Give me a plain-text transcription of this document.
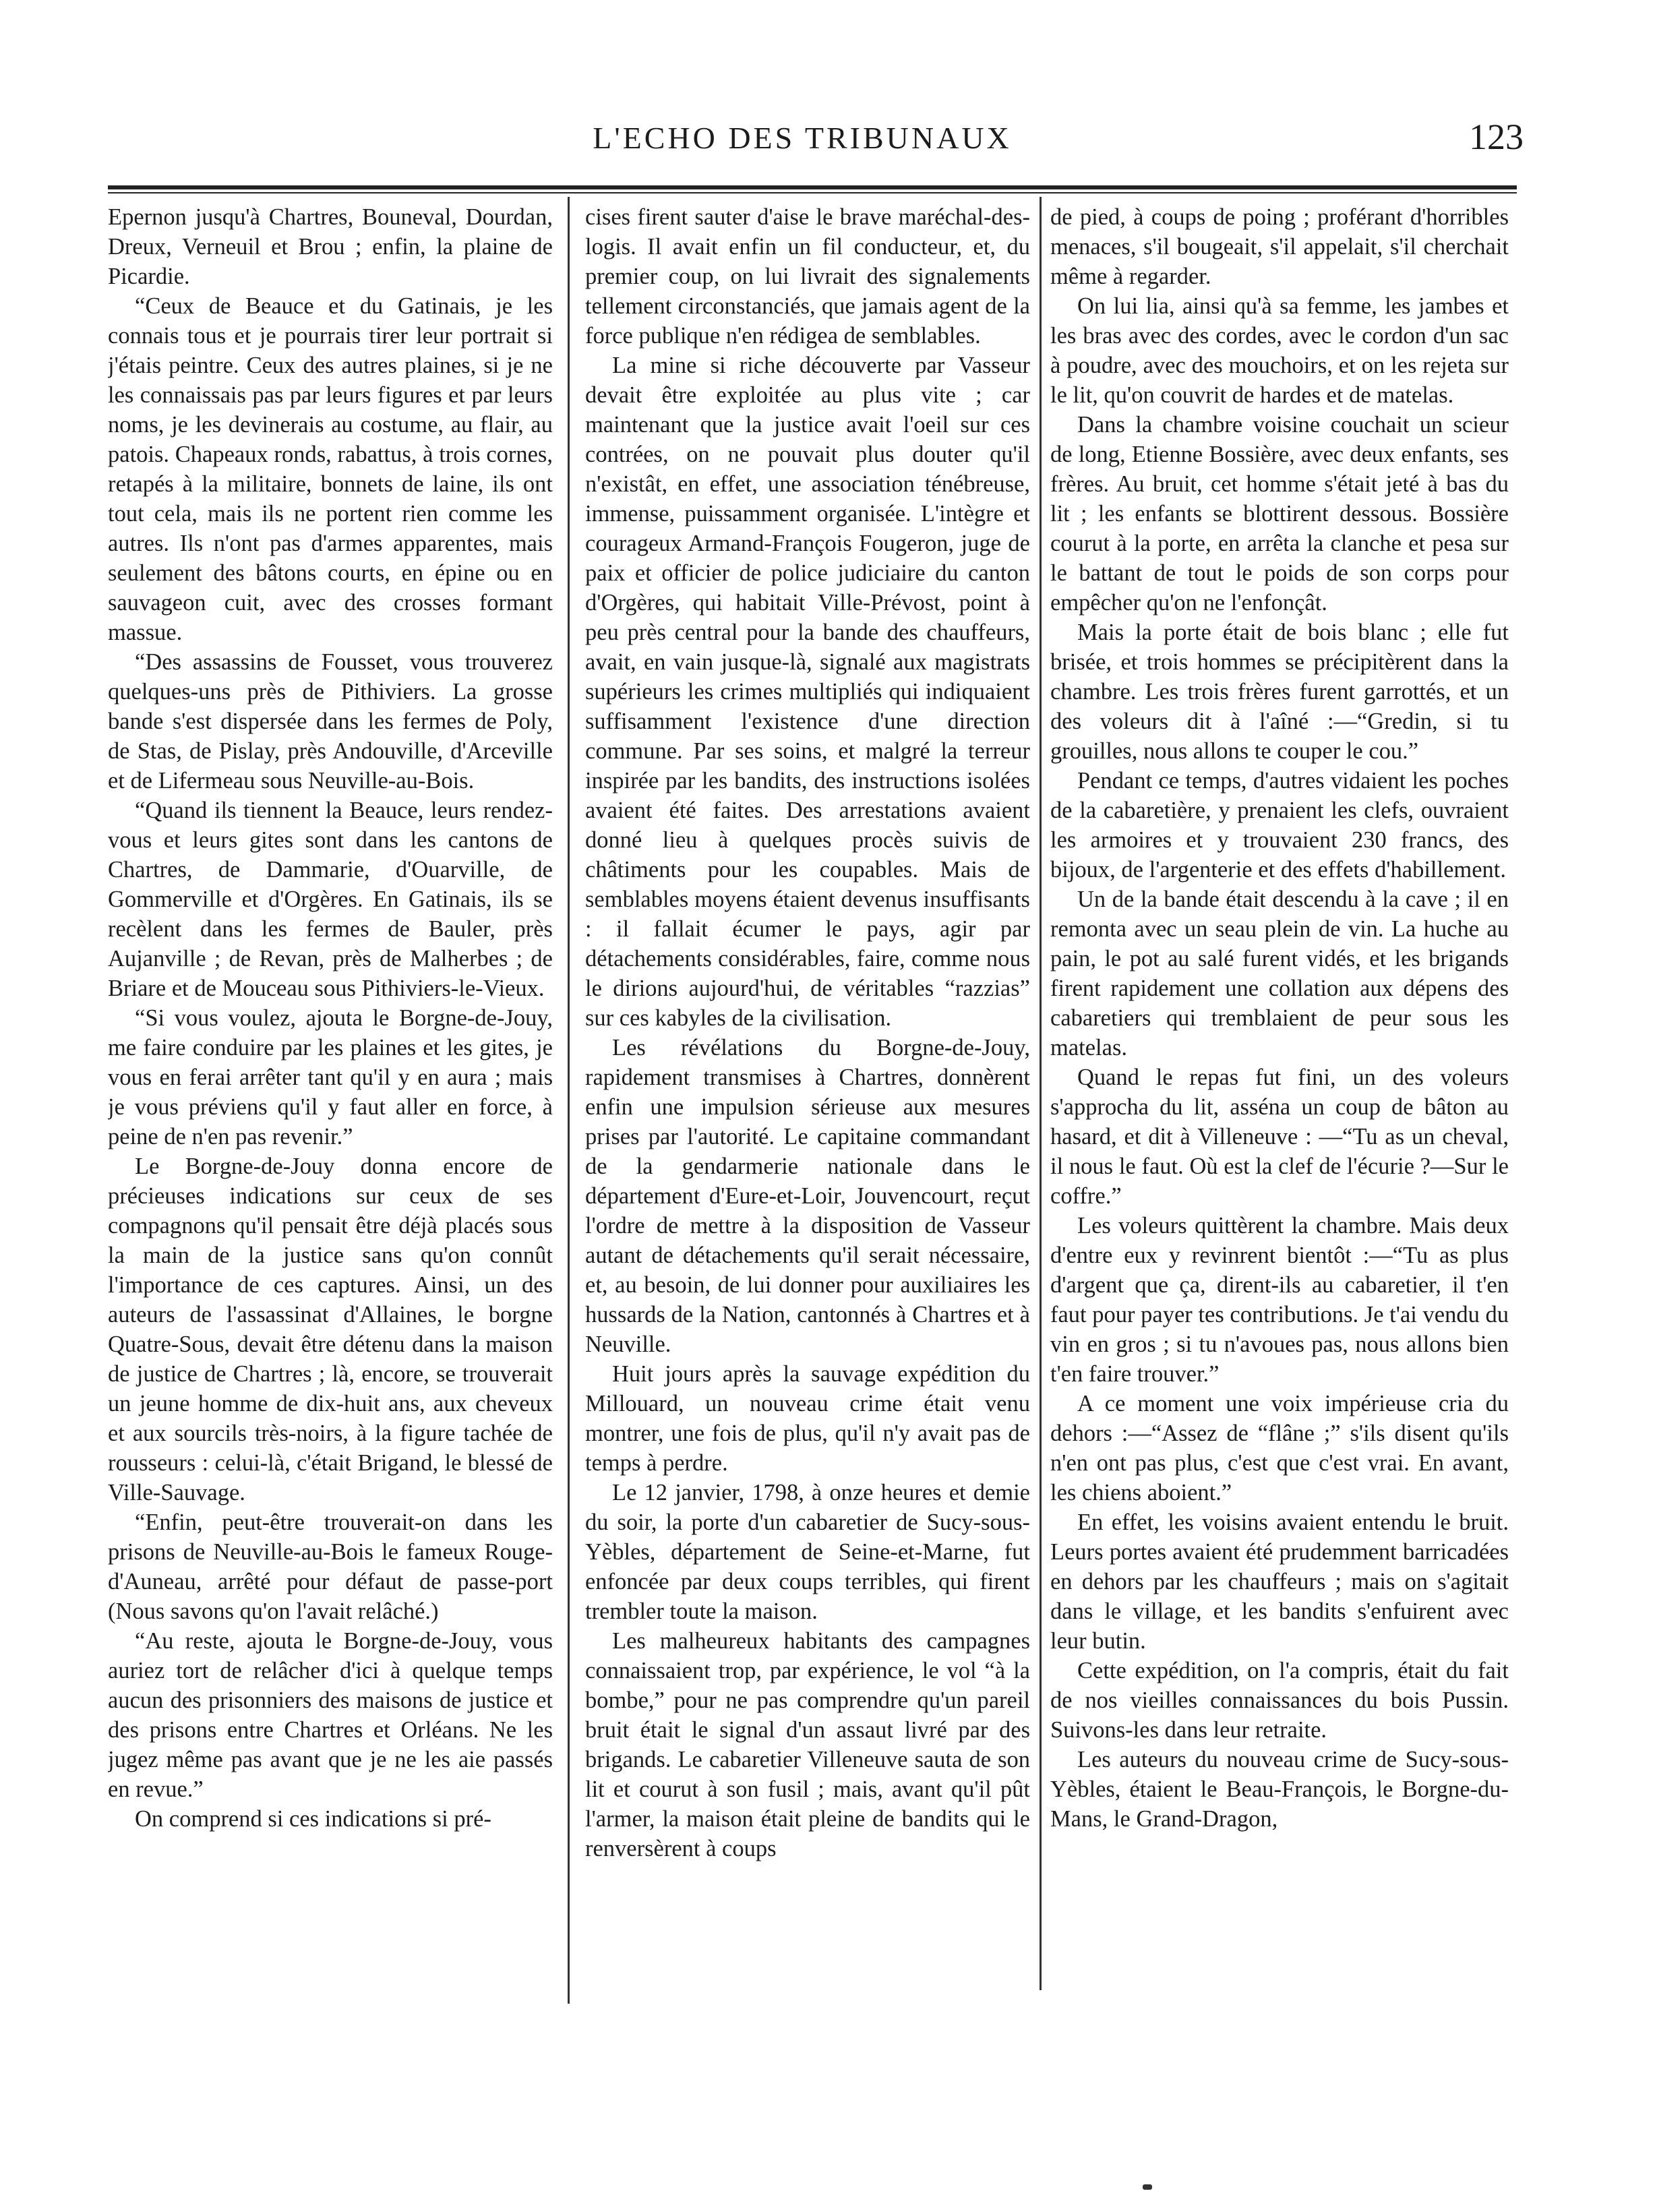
L'ECHO DES TRIBUNAUX	123

Epernon jusqu'à Chartres, Bouneval, Dourdan, Dreux, Verneuil et Brou ; enfin, la plaine de Picardie.

“Ceux de Beauce et du Gatinais, je les connais tous et je pourrais tirer leur portrait si j'étais peintre. Ceux des autres plaines, si je ne les connaissais pas par leurs figures et par leurs noms, je les devinerais au costume, au flair, au patois. Chapeaux ronds, rabattus, à trois cornes, retapés à la militaire, bonnets de laine, ils ont tout cela, mais ils ne portent rien comme les autres. Ils n'ont pas d'armes apparentes, mais seulement des bâtons courts, en épine ou en sauvageon cuit, avec des crosses formant massue.

“Des assassins de Fousset, vous trouverez quelques-uns près de Pithiviers. La grosse bande s'est dispersée dans les fermes de Poly, de Stas, de Pislay, près Andouville, d'Arceville et de Lifermeau sous Neuville-au-Bois.

“Quand ils tiennent la Beauce, leurs rendez-vous et leurs gites sont dans les cantons de Chartres, de Dammarie, d'Ouarville, de Gommerville et d'Orgères. En Gatinais, ils se recèlent dans les fermes de Bauler, près Aujanville ; de Revan, près de Malherbes ; de Briare et de Mouceau sous Pithiviers-le-Vieux.

“Si vous voulez, ajouta le Borgne-de-Jouy, me faire conduire par les plaines et les gites, je vous en ferai arrêter tant qu'il y en aura ; mais je vous préviens qu'il y faut aller en force, à peine de n'en pas revenir.”

Le Borgne-de-Jouy donna encore de précieuses indications sur ceux de ses compagnons qu'il pensait être déjà placés sous la main de la justice sans qu'on connût l'importance de ces captures. Ainsi, un des auteurs de l'assassinat d'Allaines, le borgne Quatre-Sous, devait être détenu dans la maison de justice de Chartres ; là, encore, se trouverait un jeune homme de dix-huit ans, aux cheveux et aux sourcils très-noirs, à la figure tachée de rousseurs : celui-là, c'était Brigand, le blessé de Ville-Sauvage.

“Enfin, peut-être trouverait-on dans les prisons de Neuville-au-Bois le fameux Rouge-d'Auneau, arrêté pour défaut de passe-port (Nous savons qu'on l'avait relâché.)

“Au reste, ajouta le Borgne-de-Jouy, vous auriez tort de relâcher d'ici à quelque temps aucun des prisonniers des maisons de justice et des prisons entre Chartres et Orléans. Ne les jugez même pas avant que je ne les aie passés en revue.”

On comprend si ces indications si pré-

cises firent sauter d'aise le brave maréchal-des-logis. Il avait enfin un fil conducteur, et, du premier coup, on lui livrait des signalements tellement circonstanciés, que jamais agent de la force publique n'en rédigea de semblables.

La mine si riche découverte par Vasseur devait être exploitée au plus vite ; car maintenant que la justice avait l'oeil sur ces contrées, on ne pouvait plus douter qu'il n'existât, en effet, une association ténébreuse, immense, puissamment organisée. L'intègre et courageux Armand-François Fougeron, juge de paix et officier de police judiciaire du canton d'Orgères, qui habitait Ville-Prévost, point à peu près central pour la bande des chauffeurs, avait, en vain jusque-là, signalé aux magistrats supérieurs les crimes multipliés qui indiquaient suffisamment l'existence d'une direction commune. Par ses soins, et malgré la terreur inspirée par les bandits, des instructions isolées avaient été faites. Des arrestations avaient donné lieu à quelques procès suivis de châtiments pour les coupables. Mais de semblables moyens étaient devenus insuffisants : il fallait écumer le pays, agir par détachements considérables, faire, comme nous le dirions aujourd'hui, de véritables “razzias” sur ces kabyles de la civilisation.

Les révélations du Borgne-de-Jouy, rapidement transmises à Chartres, donnèrent enfin une impulsion sérieuse aux mesures prises par l'autorité. Le capitaine commandant de la gendarmerie nationale dans le département d'Eure-et-Loir, Jouvencourt, reçut l'ordre de mettre à la disposition de Vasseur autant de détachements qu'il serait nécessaire, et, au besoin, de lui donner pour auxiliaires les hussards de la Nation, cantonnés à Chartres et à Neuville.

Huit jours après la sauvage expédition du Millouard, un nouveau crime était venu montrer, une fois de plus, qu'il n'y avait pas de temps à perdre.

Le 12 janvier, 1798, à onze heures et demie du soir, la porte d'un cabaretier de Sucy-sous-Yèbles, département de Seine-et-Marne, fut enfoncée par deux coups terribles, qui firent trembler toute la maison.

Les malheureux habitants des campagnes connaissaient trop, par expérience, le vol “à la bombe,” pour ne pas comprendre qu'un pareil bruit était le signal d'un assaut livré par des brigands. Le cabaretier Villeneuve sauta de son lit et courut à son fusil ; mais, avant qu'il pût l'armer, la maison était pleine de bandits qui le renversèrent à coups

de pied, à coups de poing ; proférant d'horribles menaces, s'il bougeait, s'il appelait, s'il cherchait même à regarder.

On lui lia, ainsi qu'à sa femme, les jambes et les bras avec des cordes, avec le cordon d'un sac à poudre, avec des mouchoirs, et on les rejeta sur le lit, qu'on couvrit de hardes et de matelas.

Dans la chambre voisine couchait un scieur de long, Etienne Bossière, avec deux enfants, ses frères. Au bruit, cet homme s'était jeté à bas du lit ; les enfants se blottirent dessous. Bossière courut à la porte, en arrêta la clanche et pesa sur le battant de tout le poids de son corps pour empêcher qu'on ne l'enfonçât.

Mais la porte était de bois blanc ; elle fut brisée, et trois hommes se précipitèrent dans la chambre. Les trois frères furent garrottés, et un des voleurs dit à l'aîné :—“Gredin, si tu grouilles, nous allons te couper le cou.”

Pendant ce temps, d'autres vidaient les poches de la cabaretière, y prenaient les clefs, ouvraient les armoires et y trouvaient 230 francs, des bijoux, de l'argenterie et des effets d'habillement.

Un de la bande était descendu à la cave ; il en remonta avec un seau plein de vin. La huche au pain, le pot au salé furent vidés, et les brigands firent rapidement une collation aux dépens des cabaretiers qui tremblaient de peur sous les matelas.

Quand le repas fut fini, un des voleurs s'approcha du lit, asséna un coup de bâton au hasard, et dit à Villeneuve : —“Tu as un cheval, il nous le faut. Où est la clef de l'écurie ?—Sur le coffre.”

Les voleurs quittèrent la chambre. Mais deux d'entre eux y revinrent bientôt :—“Tu as plus d'argent que ça, dirent-ils au cabaretier, il t'en faut pour payer tes contributions. Je t'ai vendu du vin en gros ; si tu n'avoues pas, nous allons bien t'en faire trouver.”

A ce moment une voix impérieuse cria du dehors :—“Assez de “flâne ;” s'ils disent qu'ils n'en ont pas plus, c'est que c'est vrai. En avant, les chiens aboient.”

En effet, les voisins avaient entendu le bruit. Leurs portes avaient été prudemment barricadées en dehors par les chauffeurs ; mais on s'agitait dans le village, et les bandits s'enfuirent avec leur butin.

Cette expédition, on l'a compris, était du fait de nos vieilles connaissances du bois Pussin. Suivons-les dans leur retraite.

Les auteurs du nouveau crime de Sucy-sous-Yèbles, étaient le Beau-François, le Borgne-du-Mans, le Grand-Dragon,
